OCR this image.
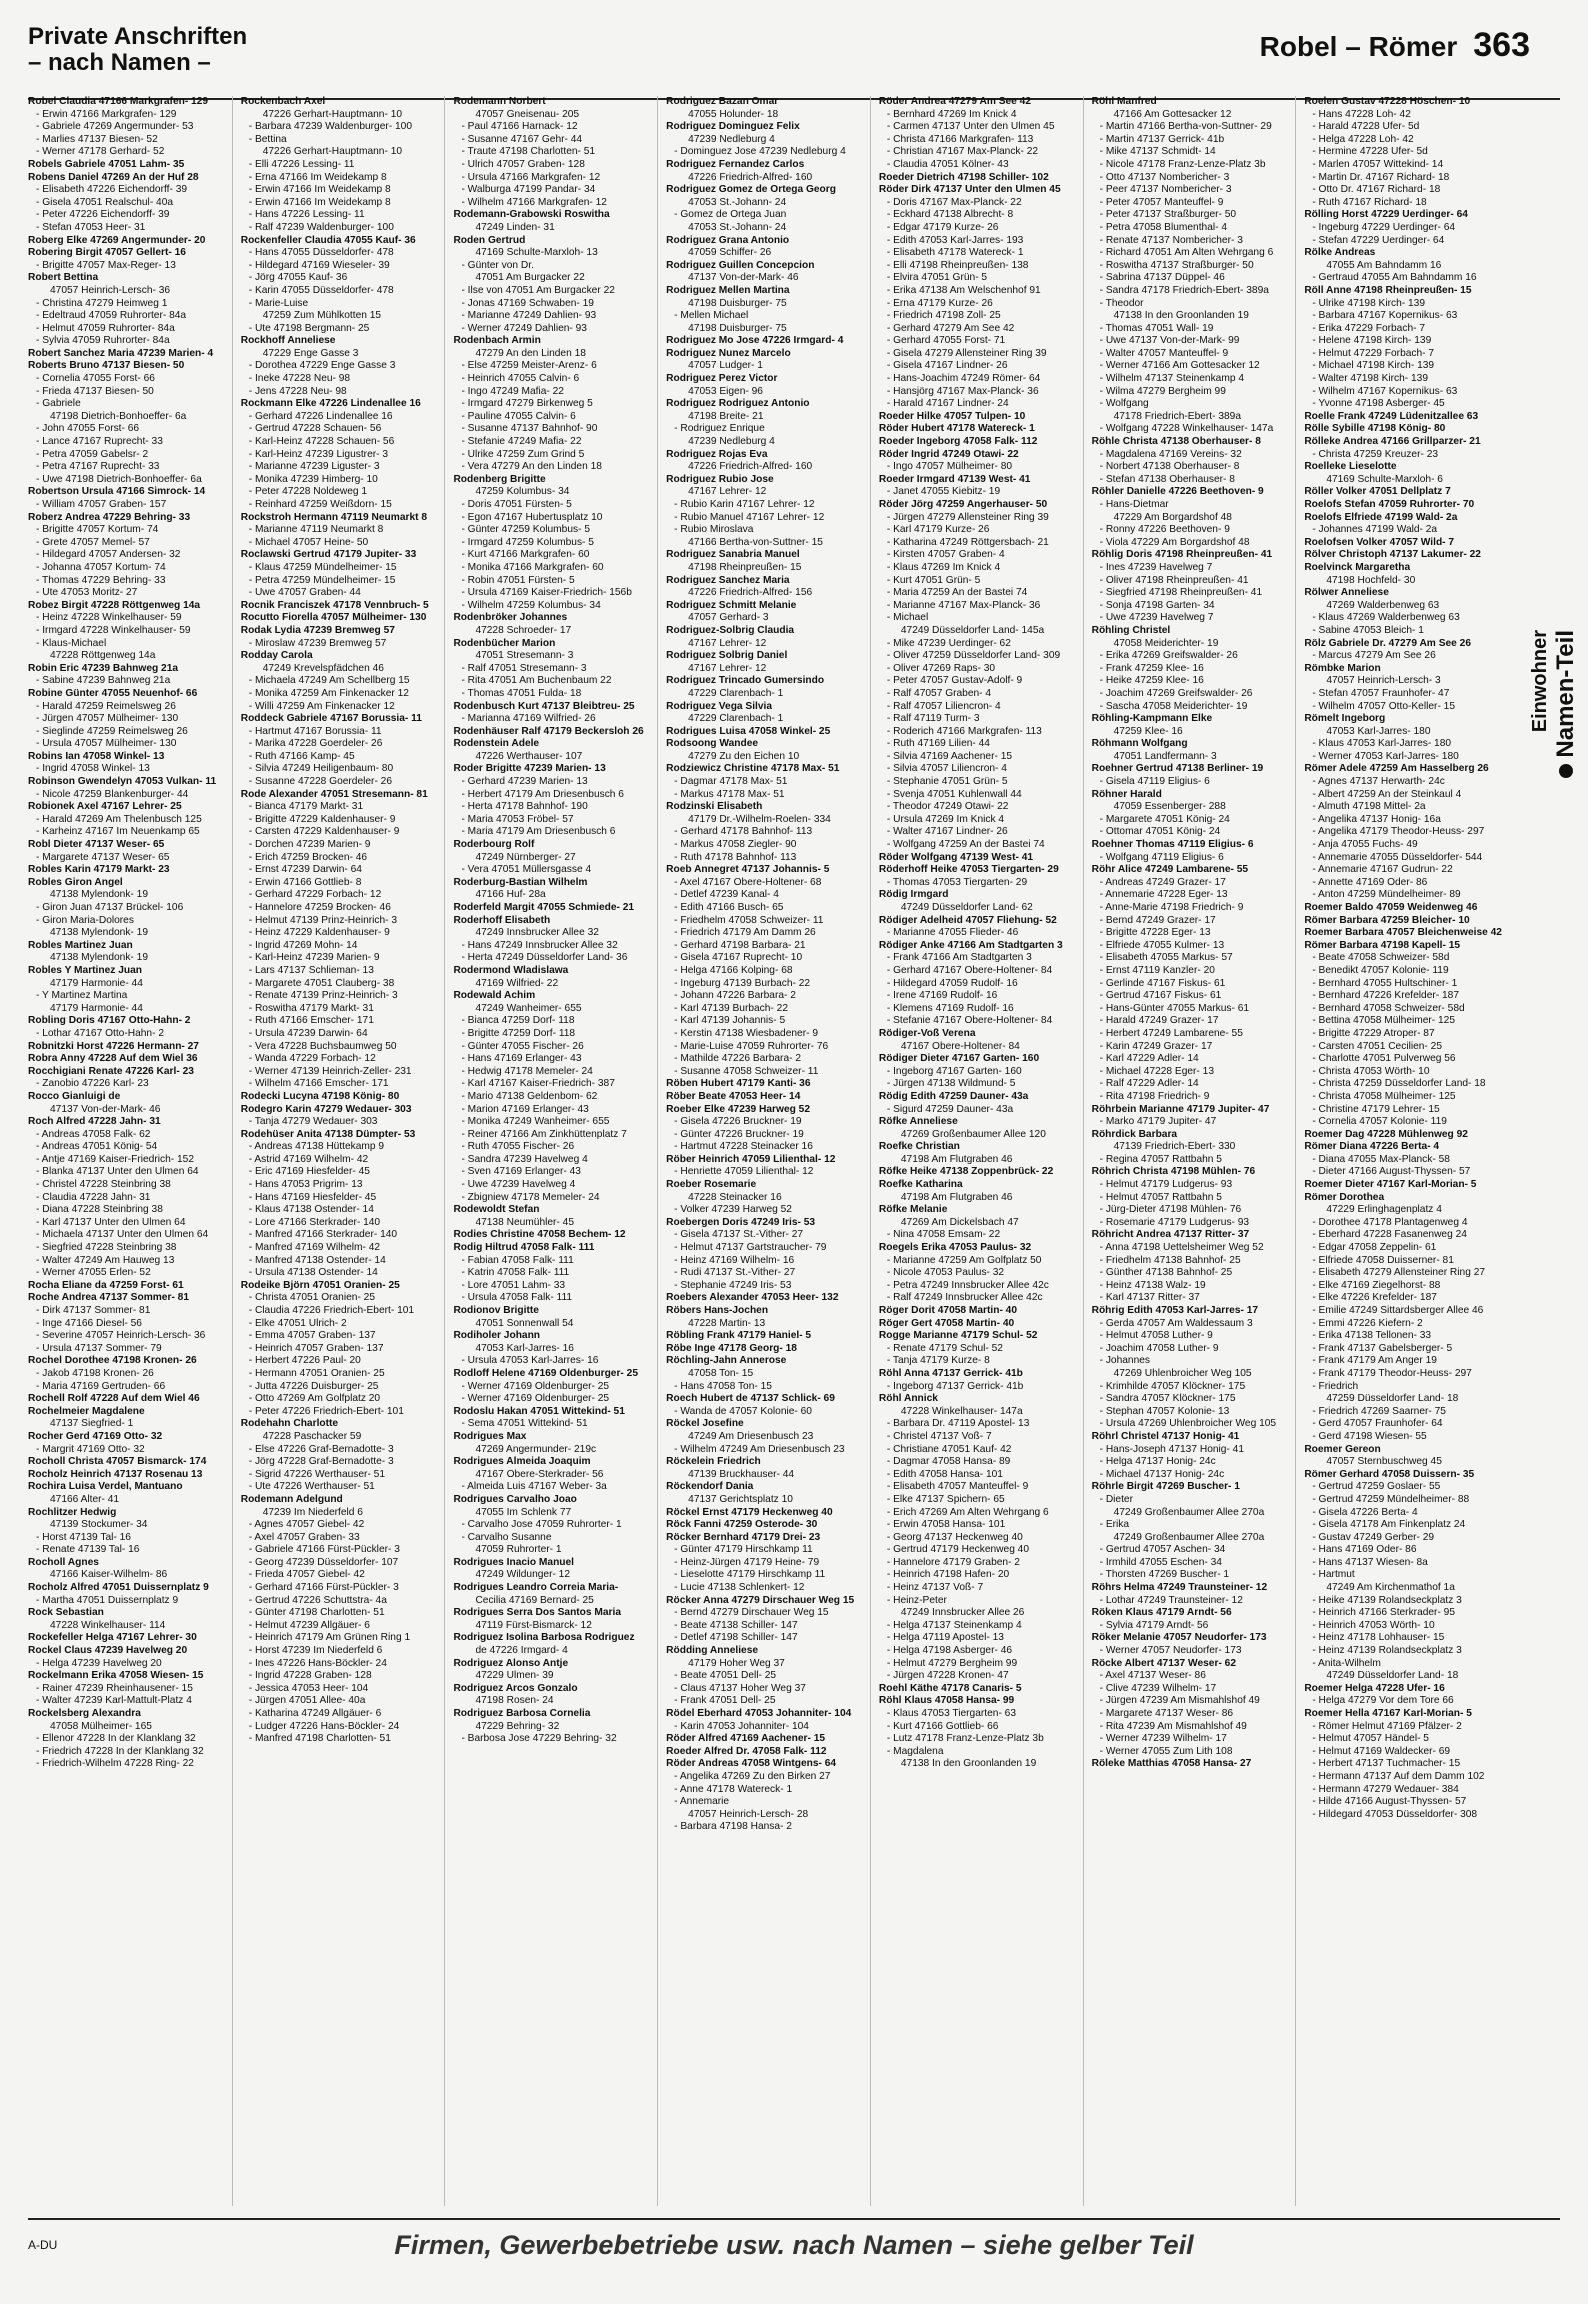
Private Anschriften
– nach Namen –
Robel – Römer 363
Robel Claudia 47166 Markgrafen- 129
- Erwin 47166 Markgrafen- 129
- Gabriele 47269 Angermunder- 53
- Marlies 47137 Biesen- 52
- Werner 47178 Gerhard- 52
Robels Gabriele 47051 Lahm- 35
Robens Daniel 47269 An der Huf 28
- Elisabeth 47226 Eichendorff- 39
- Gisela 47051 Realschul- 40a
- Peter 47226 Eichendorff- 39
- Stefan 47053 Heer- 31
Roberg Elke 47269 Angermunder- 20
Robering Birgit 47057 Gellert- 16
- Brigitte 47057 Max-Reger- 13
Robert Bettina
47057 Heinrich-Lersch- 36
- Christina 47279 Heimweg 1
- Edeltraud 47059 Ruhrorter- 84a
- Helmut 47059 Ruhrorter- 84a
- Sylvia 47059 Ruhrorter- 84a
Robert Sanchez Maria 47239 Marien- 4
Roberts Bruno 47137 Biesen- 50
- Cornelia 47055 Forst- 66
- Frieda 47137 Biesen- 50
- Gabriele
47198 Dietrich-Bonhoeffer- 6a
- John 47055 Forst- 66
- Lance 47167 Ruprecht- 33
- Petra 47059 Gabelsr- 2
- Petra 47167 Ruprecht- 33
- Uwe 47198 Dietrich-Bonhoeffer- 6a
Robertson Ursula 47166 Simrock- 14
- William 47057 Graben- 157
Roberz Andrea 47229 Behring- 33
- Brigitte 47057 Kortum- 74
- Grete 47057 Memel- 57
- Hildegard 47057 Andersen- 32
- Johanna 47057 Kortum- 74
- Thomas 47229 Behring- 33
- Ute 47053 Moritz- 27
Robez Birgit 47228 Röttgenweg 14a
- Heinz 47228 Winkelhauser- 59
- Irmgard 47228 Winkelhauser- 59
- Klaus-Michael
47228 Röttgenweg 14a
Robin Eric 47239 Bahnweg 21a
- Sabine 47239 Bahnweg 21a
Robine Günter 47055 Neuenhof- 66
- Harald 47259 Reimelsweg 26
- Jürgen 47057 Mülheimer- 130
- Sieglinde 47259 Reimelsweg 26
- Ursula 47057 Mülheimer- 130
Robins Ian 47058 Winkel- 13
- Ingrid 47058 Winkel- 13
Robinson Gwendelyn 47053 Vulkan- 11
- Nicole 47259 Blankenburger- 44
Robionek Axel 47167 Lehrer- 25
- Harald 47269 Am Thelenbusch 125
- Karheinz 47167 Im Neuenkamp 65
Robl Dieter 47137 Weser- 65
- Margarete 47137 Weser- 65
Robles Karin 47179 Markt- 23
Robles Giron Angel
47138 Mylendonk- 19
- Giron Juan 47137 Brückel- 106
- Giron Maria-Dolores
47138 Mylendonk- 19
Robles Martinez Juan
47138 Mylendonk- 19
Robles Y Martinez Juan
47179 Harmonie- 44
- Y Martinez Martina
47179 Harmonie- 44
Robling Doris 47167 Otto-Hahn- 2
- Lothar 47167 Otto-Hahn- 2
Robnitzki Horst 47226 Hermann- 27
Robra Anny 47228 Auf dem Wiel 36
Rocchigiani Renate 47226 Karl- 23
- Zanobio 47226 Karl- 23
Rocco Gianluigi de
47137 Von-der-Mark- 46
Roch Alfred 47228 Jahn- 31
- Andreas 47058 Falk- 62
- Andreas 47051 König- 54
- Antje 47169 Kaiser-Friedrich- 152
- Blanka 47137 Unter den Ulmen 64
- Christel 47228 Steinbring 38
- Claudia 47228 Jahn- 31
- Diana 47228 Steinbring 38
- Karl 47137 Unter den Ulmen 64
- Michaela 47137 Unter den Ulmen 64
- Siegfried 47228 Steinbring 38
- Walter 47249 Am Hauweg 13
- Werner 47055 Erlen- 52
Rocha Eliane da 47259 Forst- 61
Roche Andrea 47137 Sommer- 81
- Dirk 47137 Sommer- 81
- Inge 47166 Diesel- 56
- Severine 47057 Heinrich-Lersch- 36
- Ursula 47137 Sommer- 79
Rochel Dorothee 47198 Kronen- 26
- Jakob 47198 Kronen- 26
- Maria 47169 Gertruden- 66
Rochell Rolf 47228 Auf dem Wiel 46
Rochelmeier Magdalene
47137 Siegfried- 1
Rocher Gerd 47169 Otto- 32
- Margrit 47169 Otto- 32
Rocholl Christa 47057 Bismarck- 174
Rocholz Heinrich 47137 Rosenau 13
Rochira Luisa Verdel, Mantuano
47166 Alter- 41
Rochlitzer Hedwig
47139 Stockumer- 34
- Horst 47139 Tal- 16
- Renate 47139 Tal- 16
Rocholl Agnes
47166 Kaiser-Wilhelm- 86
Rocholz Alfred 47051 Duissernplatz 9
- Martha 47051 Duissernplatz 9
Rock Sebastian
47228 Winkelhauser- 114
Rockefeller Helga 47167 Lehrer- 30
Rockel Claus 47239 Havelweg 20
- Helga 47239 Havelweg 20
Rockelmann Erika 47058 Wiesen- 15
- Rainer 47239 Rheinhausener- 15
- Walter 47239 Karl-Mattult-Platz 4
Rockelsberg Alexandra
47058 Mülheimer- 165
- Ellenor 47228 In der Klanklang 32
- Friedrich 47228 In der Klanklang 32
- Friedrich-Wilhelm 47228 Ring- 22
Rockenbach Axel
47226 Gerhart-Hauptmann- 10
- Barbara 47239 Waldenburger- 100
- Bettina
47226 Gerhart-Hauptmann- 10
- Elli 47226 Lessing- 11
- Erna 47166 Im Weidekamp 8
- Erwin 47166 Im Weidekamp 8
- Erwin 47166 Im Weidekamp 8
- Hans 47226 Lessing- 11
- Ralf 47239 Waldenburger- 100
Rockenfeller Claudia 47055 Kauf- 36
- Hans 47055 Düsseldorfer- 478
- Hildegard 47169 Wieseler- 39
- Jörg 47055 Kauf- 36
- Karin 47055 Düsseldorfer- 478
- Marie-Luise
47259 Zum Mühlkotten 15
- Ute 47198 Bergmann- 25
Rockhoff Anneliese
47229 Enge Gasse 3
- Dorothea 47229 Enge Gasse 3
- Ineke 47228 Neu- 98
- Jens 47228 Neu- 98
Rockmann Elke 47226 Lindenallee 16
- Gerhard 47226 Lindenallee 16
- Gertrud 47228 Schauen- 56
- Karl-Heinz 47228 Schauen- 56
- Karl-Heinz 47239 Ligustrer- 3
- Marianne 47239 Liguster- 3
- Monika 47239 Himberg- 10
- Peter 47228 Noldeweg 1
- Reinhard 47259 Weißdorn- 15
Rockstroh Hermann 47119 Neumarkt 8
- Marianne 47119 Neumarkt 8
- Michael 47057 Heine- 50
Roclawski Gertrud 47179 Jupiter- 33
- Klaus 47259 Mündelheimer- 15
- Petra 47259 Mündelheimer- 15
- Uwe 47057 Graben- 44
Rocnik Franciszek 47178 Vennbruch- 5
Rocutto Fiorella 47057 Mülheimer- 130
Rodak Lydia 47239 Bremweg 57
- Miroslaw 47239 Bremweg 57
Rodday Carola
47249 Krevelspfädchen 46
- Michaela 47249 Am Schellberg 15
- Monika 47259 Am Finkenacker 12
- Willi 47259 Am Finkenacker 12
Roddeck Gabriele 47167 Borussia- 11
- Hartmut 47167 Borussia- 11
- Marika 47228 Goerdeler- 26
- Ruth 47166 Kamp- 45
- Silvia 47249 Heiligenbaum- 80
- Susanne 47228 Goerdeler- 26
Rode Alexander 47051 Stresemann- 81
- Bianca 47179 Markt- 31
- Brigitte 47229 Kaldenhauser- 9
- Carsten 47229 Kaldenhauser- 9
- Dorchen 47239 Marien- 9
- Erich 47259 Brocken- 46
- Ernst 47239 Darwin- 64
- Erwin 47166 Gottlieb- 8
- Gerhard 47229 Forbach- 12
- Hannelore 47259 Brocken- 46
- Helmut 47139 Prinz-Heinrich- 3
- Heinz 47229 Kaldenhauser- 9
- Ingrid 47269 Mohn- 14
- Karl-Heinz 47239 Marien- 9
- Lars 47137 Schlieman- 13
- Margarete 47051 Clauberg- 38
- Renate 47139 Prinz-Heinrich- 3
- Roswitha 47179 Markt- 31
- Ruth 47166 Emscher- 171
- Ursula 47239 Darwin- 64
- Vera 47228 Buchsbaumweg 50
- Wanda 47229 Forbach- 12
- Werner 47139 Heinrich-Zeller- 231
- Wilhelm 47166 Emscher- 171
Rodecki Lucyna 47198 König- 80
Rodegro Karin 47279 Wedauer- 303
- Tanja 47279 Wedauer- 303
Rodehüser Anita 47138 Dümpter- 53
- Andreas 47138 Hüttekamp 9
- Astrid 47169 Wilhelm- 42
- Eric 47169 Hiesfelder- 45
- Hans 47053 Prigrim- 13
- Hans 47169 Hiesfelder- 45
- Klaus 47138 Ostender- 14
- Lore 47166 Sterkrader- 140
- Manfred 47166 Sterkrader- 140
- Manfred 47169 Wilhelm- 42
- Manfred 47138 Ostender- 14
- Ursula 47138 Ostender- 14
Rodeike Björn 47051 Oranien- 25
- Christa 47051 Oranien- 25
- Claudia 47226 Friedrich-Ebert- 101
- Elke 47051 Ulrich- 2
- Emma 47057 Graben- 137
- Heinrich 47057 Graben- 137
- Herbert 47226 Paul- 20
- Hermann 47051 Oranien- 25
- Jutta 47226 Duisburger- 25
- Otto 47269 Am Golfplatz 20
- Peter 47226 Friedrich-Ebert- 101
Rodehahn Charlotte
47228 Paschacker 59
- Else 47226 Graf-Bernadotte- 3
- Jörg 47228 Graf-Bernadotte- 3
- Sigrid 47226 Werthauser- 51
- Ute 47226 Werthauser- 51
Rodemann Adelgund
47239 Im Niederfeld 6
- Agnes 47057 Giebel- 42
- Axel 47057 Graben- 33
- Gabriele 47166 Fürst-Pückler- 3
- Georg 47239 Düsseldorfer- 107
- Frieda 47057 Giebel- 42
- Gerhard 47166 Fürst-Pückler- 3
- Gertrud 47226 Schuttstra- 4a
- Günter 47198 Charlotten- 51
- Helmut 47239 Allgäuer- 6
- Heinrich 47179 Am Grünen Ring 1
- Horst 47239 Im Niederfeld 6
- Ines 47226 Hans-Böckler- 24
- Ingrid 47228 Graben- 128
- Jessica 47053 Heer- 104
- Jürgen 47051 Allee- 40a
- Katharina 47249 Allgäuer- 6
- Ludger 47226 Hans-Böckler- 24
- Manfred 47198 Charlotten- 51
Rodemann Norbert
47057 Gneisenau- 205
- Paul 47166 Harnack- 12
- Susanne 47167 Gehr- 44
- Traute 47198 Charlotten- 51
- Ulrich 47057 Graben- 128
- Ursula 47166 Markgrafen- 12
- Walburga 47199 Pandar- 34
- Wilhelm 47166 Markgrafen- 12
Rodemann-Grabowski Roswitha
47249 Linden- 31
Roden Gertrud
47169 Schulte-Marxloh- 13
- Günter von Dr.
47051 Am Burgacker 22
- Ilse von 47051 Am Burgacker 22
- Jonas 47169 Schwaben- 19
- Marianne 47249 Dahlien- 93
- Werner 47249 Dahlien- 93
Rodenbach Armin
47279 An den Linden 18
- Else 47259 Meister-Arenz- 6
- Heinrich 47055 Calvin- 6
- Ingo 47249 Mafia- 22
- Irmgard 47279 Birkenweg 5
- Pauline 47055 Calvin- 6
- Susanne 47137 Bahnhof- 90
- Stefanie 47249 Mafia- 22
- Ulrike 47259 Zum Grind 5
- Vera 47279 An den Linden 18
Rodenberg Brigitte
47259 Kolumbus- 34
- Doris 47051 Fürsten- 5
- Egon 47167 Hubertusplatz 10
- Günter 47259 Kolumbus- 5
- Irmgard 47259 Kolumbus- 5
- Kurt 47166 Markgrafen- 60
- Monika 47166 Markgrafen- 60
- Robin 47051 Fürsten- 5
- Ursula 47169 Kaiser-Friedrich- 156b
- Wilhelm 47259 Kolumbus- 34
Rodenbröker Johannes
47228 Schroeder- 17
Rodenbücher Marion
47051 Stresemann- 3
- Ralf 47051 Stresemann- 3
- Rita 47051 Am Buchenbaum 22
- Thomas 47051 Fulda- 18
Rodenbusch Kurt 47137 Bleibtreu- 25
- Marianna 47169 Wilfried- 26
Rodenhäuser Ralf 47179 Beckersloh 26
Rodenstein Adele
47226 Werthauser- 107
Roder Brigitte 47239 Marien- 13
- Gerhard 47239 Marien- 13
- Herbert 47179 Am Driesenbusch 6
- Herta 47178 Bahnhof- 190
- Maria 47053 Fröbel- 57
- Maria 47179 Am Driesenbusch 6
Roderbourg Rolf
47249 Nürnberger- 27
- Vera 47051 Müllersgasse 4
Roderburg-Bastian Wilhelm
47166 Huf- 28a
Roderfeld Margit 47055 Schmiede- 21
Roderhoff Elisabeth
47249 Innsbrucker Allee 32
- Hans 47249 Innsbrucker Allee 32
- Herta 47249 Düsseldorfer Land- 36
Rodermond Wladislawa
47169 Wilfried- 22
Rodewald Achim
47249 Wanheimer- 655
- Bianca 47259 Dorf- 118
- Brigitte 47259 Dorf- 118
- Günter 47055 Fischer- 26
- Hans 47169 Erlanger- 43
- Hedwig 47178 Memeler- 24
- Karl 47167 Kaiser-Friedrich- 387
- Mario 47138 Geldenbom- 62
- Marion 47169 Erlanger- 43
- Monika 47249 Wanheimer- 655
- Reiner 47166 Am Zinkhüttenplatz 7
- Ruth 47055 Fischer- 26
- Sandra 47239 Havelweg 4
- Sven 47169 Erlanger- 43
- Uwe 47239 Havelweg 4
- Zbigniew 47178 Memeler- 24
Rodewoldt Stefan
47138 Neumühler- 45
Rodies Christine 47058 Bechem- 12
Rodig Hiltrud 47058 Falk- 111
- Fabian 47058 Falk- 111
- Katrin 47058 Falk- 111
- Lore 47051 Lahm- 33
- Ursula 47058 Falk- 111
Rodionov Brigitte
47051 Sonnenwall 54
Rodiholer Johann
47053 Karl-Jarres- 16
- Ursula 47053 Karl-Jarres- 16
Rodloff Helene 47169 Oldenburger- 25
- Werner 47169 Oldenburger- 25
- Werner 47169 Oldenburger- 25
Rodoslu Hakan 47051 Wittekind- 51
- Sema 47051 Wittekind- 51
Rodrigues Max
47269 Angermunder- 219c
Rodrigues Almeida Joaquim
47167 Obere-Sterkrader- 56
- Almeida Luis 47167 Weber- 3a
Rodrigues Carvalho Joao
47055 Im Schlenk 77
- Carvalho Jose 47059 Ruhrorter- 1
- Carvalho Susanne
47059 Ruhrorter- 1
Rodrigues Inacio Manuel
47249 Wildunger- 12
Rodrigues Leandro Correia Maria-
Cecilia 47169 Bernard- 25
Rodrigues Serra Dos Santos Maria
47119 Fürst-Bismarck- 12
Rodriguez Isolina Barbosa Rodriguez
de 47226 Irmgard- 4
Rodriguez Alonso Antje
47229 Ulmen- 39
Rodriguez Arcos Gonzalo
47198 Rosen- 24
Rodriguez Barbosa Cornelia
47229 Behring- 32
- Barbosa Jose 47229 Behring- 32
Rodriguez Bazan Omar
47055 Holunder- 18
Rodriguez Dominguez Felix
47239 Nedleburg 4
- Dominguez Jose 47239 Nedleburg 4
Rodriguez Fernandez Carlos
47226 Friedrich-Alfred- 160
Rodriguez Gomez de Ortega Georg
47053 St.-Johann- 24
- Gomez de Ortega Juan
47053 St.-Johann- 24
Rodriguez Grana Antonio
47059 Schiffer- 26
Rodriguez Guillen Concepcion
47137 Von-der-Mark- 46
Rodriguez Mellen Martina
47198 Duisburger- 75
- Mellen Michael
47198 Duisburger- 75
Rodriguez Mo Jose 47226 Irmgard- 4
Rodriguez Nunez Marcelo
47057 Ludger- 1
Rodriguez Perez Victor
47053 Eigen- 96
Rodriguez Rodriguez Antonio
47198 Breite- 21
- Rodriguez Enrique
47239 Nedleburg 4
Rodriguez Rojas Eva
47226 Friedrich-Alfred- 160
Rodriguez Rubio Jose
47167 Lehrer- 12
- Rubio Karin 47167 Lehrer- 12
- Rubio Manuel 47167 Lehrer- 12
- Rubio Miroslava
47166 Bertha-von-Suttner- 15
Rodriguez Sanabria Manuel
47198 Rheinpreußen- 15
Rodriguez Sanchez Maria
47226 Friedrich-Alfred- 156
Rodriguez Schmitt Melanie
47057 Gerhard- 3
Rodriguez-Solbrig Claudia
47167 Lehrer- 12
Rodriguez Solbrig Daniel
47167 Lehrer- 12
Rodriguez Trincado Gumersindo
47229 Clarenbach- 1
Rodriguez Vega Silvia
47229 Clarenbach- 1
Rodrigues Luisa 47058 Winkel- 25
Rodsoong Wandee
47279 Zu den Eichen 10
Rodziewicz Christine 47178 Max- 51
- Dagmar 47178 Max- 51
- Markus 47178 Max- 51
Rodzinski Elisabeth
47179 Dr.-Wilhelm-Roelen- 334
- Gerhard 47178 Bahnhof- 113
- Markus 47058 Ziegler- 90
- Ruth 47178 Bahnhof- 113
Roeb Annegret 47137 Johannis- 5
- Axel 47167 Obere-Holtener- 68
- Detlef 47239 Kanal- 4
- Edith 47166 Busch- 65
- Friedhelm 47058 Schweizer- 11
- Friedrich 47179 Am Damm 26
- Gerhard 47198 Barbara- 21
- Gisela 47167 Ruprecht- 10
- Helga 47166 Kolping- 68
- Ingeburg 47139 Burbach- 22
- Johann 47226 Barbara- 2
- Karl 47139 Burbach- 22
- Karl 47139 Johannis- 5
- Kerstin 47138 Wiesbadener- 9
- Marie-Luise 47059 Ruhrorter- 76
- Mathilde 47226 Barbara- 2
- Susanne 47058 Schweizer- 11
Röben Hubert 47179 Kanti- 36
Röber Beate 47053 Heer- 14
Roeber Elke 47239 Harweg 52
- Gisela 47226 Bruckner- 19
- Günter 47226 Bruckner- 19
- Hartmut 47228 Steinacker 16
Röber Heinrich 47059 Lilienthal- 12
- Henriette 47059 Lilienthal- 12
Roeber Rosemarie
47228 Steinacker 16
- Volker 47239 Harweg 52
Roebergen Doris 47249 Iris- 53
- Gisela 47137 St.-Vither- 27
- Helmut 47137 Gartstraucher- 79
- Heinz 47169 Wilhelm- 16
- Rudi 47137 St.-Vither- 27
- Stephanie 47249 Iris- 53
Roebers Alexander 47053 Heer- 132
Röbers Hans-Jochen
47228 Martin- 13
Röbling Frank 47179 Haniel- 5
Röbe Inge 47178 Georg- 18
Röchling-Jahn Annerose
47058 Ton- 15
- Hans 47058 Ton- 15
Roech Hubert de 47137 Schlick- 69
- Wanda de 47057 Kolonie- 60
Röckel Josefine
47249 Am Driesenbusch 23
- Wilhelm 47249 Am Driesenbusch 23
Röckelein Friedrich
47139 Bruckhauser- 44
Röckendorf Dania
47137 Gerichtsplatz 10
Röckel Ernst 47179 Heckenweg 40
Röck Fanni 47259 Osterode- 30
Röcker Bernhard 47179 Drei- 23
- Günter 47179 Hirschkamp 11
- Heinz-Jürgen 47179 Heine- 79
- Lieselotte 47179 Hirschkamp 11
- Lucie 47138 Schlenkert- 12
Röcker Anna 47279 Dirschauer Weg 15
- Bernd 47279 Dirschauer Weg 15
- Beate 47138 Schiller- 147
- Detlef 47198 Schiller- 147
Rödding Anneliese
47179 Hoher Weg 37
- Beate 47051 Dell- 25
- Claus 47137 Hoher Weg 37
- Frank 47051 Dell- 25
Rödel Eberhard 47053 Johanniter- 104
- Karin 47053 Johanniter- 104
Röder Alfred 47169 Aachener- 15
Roeder Alfred Dr. 47058 Falk- 112
Röder Andreas 47058 Wintgens- 64
- Angelika 47269 Zu den Birken 27
- Anne 47178 Watereck- 1
- Annemarie
47057 Heinrich-Lersch- 28
- Barbara 47198 Hansa- 2
Röder Andrea 47279 Am See 42
- Bernhard 47269 Im Knick 4
- Carmen 47137 Unter den Ulmen 45
- Christa 47166 Markgrafen- 113
- Christian 47167 Max-Planck- 22
- Claudia 47051 Kölner- 43
Roeder Dietrich 47198 Schiller- 102
Röder Dirk 47137 Unter den Ulmen 45
- Doris 47167 Max-Planck- 22
- Eckhard 47138 Albrecht- 8
- Edgar 47179 Kurze- 26
- Edith 47053 Karl-Jarres- 193
- Elisabeth 47178 Watereck- 1
- Elli 47198 Rheinpreußen- 138
- Elvira 47051 Grün- 5
- Erika 47138 Am Welschenhof 91
- Erna 47179 Kurze- 26
- Friedrich 47198 Zoll- 25
- Gerhard 47279 Am See 42
- Gerhard 47055 Forst- 71
- Gisela 47279 Allensteiner Ring 39
- Gisela 47167 Lindner- 26
- Hans-Joachim 47249 Römer- 64
- Hansjörg 47167 Max-Planck- 36
- Harald 47167 Lindner- 24
Roeder Hilke 47057 Tulpen- 10
Röder Hubert 47178 Watereck- 1
Roeder Ingeborg 47058 Falk- 112
Röder Ingrid 47249 Otawi- 22
- Ingo 47057 Mülheimer- 80
Roeder Irmgard 47139 West- 41
- Janet 47055 Kiebitz- 19
Röder Jörg 47259 Angerhauser- 50
- Jürgen 47279 Allensteiner Ring 39
- Karl 47179 Kurze- 26
- Katharina 47249 Röttgersbach- 21
- Kirsten 47057 Graben- 4
- Klaus 47269 Im Knick 4
- Kurt 47051 Grün- 5
- Maria 47259 An der Bastei 74
- Marianne 47167 Max-Planck- 36
- Michael
47249 Düsseldorfer Land- 145a
- Mike 47239 Uerdinger- 62
- Oliver 47259 Düsseldorfer Land- 309
- Oliver 47269 Raps- 30
- Peter 47057 Gustav-Adolf- 9
- Ralf 47057 Graben- 4
- Ralf 47057 Liliencron- 4
- Ralf 47119 Turm- 3
- Roderich 47166 Markgrafen- 113
- Ruth 47169 Lilien- 44
- Silvia 47169 Aachener- 15
- Silvia 47057 Liliencron- 4
- Stephanie 47051 Grün- 5
- Svenja 47051 Kuhlenwall 44
- Theodor 47249 Otawi- 22
- Ursula 47269 Im Knick 4
- Walter 47167 Lindner- 26
- Wolfgang 47259 An der Bastei 74
Röder Wolfgang 47139 West- 41
Röderhoff Heike 47053 Tiergarten- 29
- Thomas 47053 Tiergarten- 29
Rödig Irmgard
47249 Düsseldorfer Land- 62
Rödiger Adelheid 47057 Fliehung- 52
- Marianne 47055 Flieder- 46
Rödiger Anke 47166 Am Stadtgarten 3
- Frank 47166 Am Stadtgarten 3
- Gerhard 47167 Obere-Holtener- 84
- Hildegard 47059 Rudolf- 16
- Irene 47169 Rudolf- 16
- Klemens 47169 Rudolf- 16
- Stefanie 47167 Obere-Holtener- 84
Rödiger-Voß Verena
47167 Obere-Holtener- 84
Rödiger Dieter 47167 Garten- 160
- Ingeborg 47167 Garten- 160
- Jürgen 47138 Wildmund- 5
Rödig Edith 47259 Dauner- 43a
- Sigurd 47259 Dauner- 43a
Röfke Anneliese
47269 Großenbaumer Allee 120
Roefke Christian
47198 Am Flutgraben 46
Röfke Heike 47138 Zoppenbrück- 22
Roefke Katharina
47198 Am Flutgraben 46
Röfke Melanie
47269 Am Dickelsbach 47
- Nina 47058 Emsam- 22
Roegels Erika 47053 Paulus- 32
- Marianne 47259 Am Golfplatz 50
- Nicole 47053 Paulus- 32
- Petra 47249 Innsbrucker Allee 42c
- Ralf 47249 Innsbrucker Allee 42c
Röger Dorit 47058 Martin- 40
Röger Gert 47058 Martin- 40
Rogge Marianne 47179 Schul- 52
- Renate 47179 Schul- 52
- Tanja 47179 Kurze- 8
Röhl Anna 47137 Gerrick- 41b
- Ingeborg 47137 Gerrick- 41b
Röhl Annick
47228 Winkelhauser- 147a
- Barbara Dr. 47119 Apostel- 13
- Christel 47137 Voß- 7
- Christiane 47051 Kauf- 42
- Dagmar 47058 Hansa- 89
- Edith 47058 Hansa- 101
- Elisabeth 47057 Manteuffel- 9
- Elke 47137 Spichern- 65
- Erich 47269 Am Alten Wehrgang 6
- Erwin 47058 Hansa- 101
- Georg 47137 Heckenweg 40
- Gertrud 47179 Heckenweg 40
- Hannelore 47179 Graben- 2
- Heinrich 47198 Hafen- 20
- Heinz 47137 Voß- 7
- Heinz-Peter
47249 Innsbrucker Allee 26
- Helga 47137 Steinenkamp 4
- Helga 47119 Apostel- 13
- Helga 47198 Asberger- 46
- Helmut 47279 Bergheim 99
- Jürgen 47228 Kronen- 47
Roehl Käthe 47178 Canaris- 5
Röhl Klaus 47058 Hansa- 99
- Klaus 47053 Tiergarten- 63
- Kurt 47166 Gottlieb- 66
- Lutz 47178 Franz-Lenze-Platz 3b
- Magdalena
47138 In den Groonlanden 19
Röhl Manfred
47166 Am Gottesacker 12
- Martin 47166 Bertha-von-Suttner- 29
- Martin 47137 Gerrick- 41b
- Mike 47137 Schmidt- 14
- Nicole 47178 Franz-Lenze-Platz 3b
- Otto 47137 Nombericher- 3
- Peer 47137 Nombericher- 3
- Peter 47057 Manteuffel- 9
- Peter 47137 Straßburger- 50
- Petra 47058 Blumenthal- 4
- Renate 47137 Nombericher- 3
- Richard 47051 Am Alten Wehrgang 6
- Roswitha 47137 Straßburger- 50
- Sabrina 47137 Düppel- 46
- Sandra 47178 Friedrich-Ebert- 389a
- Theodor
47138 In den Groonlanden 19
- Thomas 47051 Wall- 19
- Uwe 47137 Von-der-Mark- 99
- Walter 47057 Manteuffel- 9
- Werner 47166 Am Gottesacker 12
- Wilhelm 47137 Steinenkamp 4
- Wilma 47279 Bergheim 99
- Wolfgang
47178 Friedrich-Ebert- 389a
- Wolfgang 47228 Winkelhauser- 147a
Röhle Christa 47138 Oberhauser- 8
- Magdalena 47169 Vereins- 32
- Norbert 47138 Oberhauser- 8
- Stefan 47138 Oberhauser- 8
Röhler Danielle 47226 Beethoven- 9
- Hans-Dietmar
47229 Am Borgardshof 48
- Ronny 47226 Beethoven- 9
- Viola 47229 Am Borgardshof 48
Röhlig Doris 47198 Rheinpreußen- 41
- Ines 47239 Havelweg 7
- Oliver 47198 Rheinpreußen- 41
- Siegfried 47198 Rheinpreußen- 41
- Sonja 47198 Garten- 34
- Uwe 47239 Havelweg 7
Röhling Christel
47058 Meiderichter- 19
- Erika 47269 Greifswalder- 26
- Frank 47259 Klee- 16
- Heike 47259 Klee- 16
- Joachim 47269 Greifswalder- 26
- Sascha 47058 Meiderichter- 19
Röhling-Kampmann Elke
47259 Klee- 16
Röhmann Wolfgang
47051 Landfermann- 3
Roehner Gertrud 47138 Berliner- 19
- Gisela 47119 Eligius- 6
Röhner Harald
47059 Essenberger- 288
- Margarete 47051 König- 24
- Ottomar 47051 König- 24
Roehner Thomas 47119 Eligius- 6
- Wolfgang 47119 Eligius- 6
Röhr Alice 47249 Lambarene- 55
- Andreas 47249 Grazer- 17
- Annemarie 47228 Eger- 13
- Anne-Marie 47198 Friedrich- 9
- Bernd 47249 Grazer- 17
- Brigitte 47228 Eger- 13
- Elfriede 47055 Kulmer- 13
- Elisabeth 47055 Markus- 57
- Ernst 47119 Kanzler- 20
- Gerlinde 47167 Fiskus- 61
- Gertrud 47167 Fiskus- 61
- Hans-Günter 47055 Markus- 61
- Harald 47249 Grazer- 17
- Herbert 47249 Lambarene- 55
- Karin 47249 Grazer- 17
- Karl 47229 Adler- 14
- Michael 47228 Eger- 13
- Ralf 47229 Adler- 14
- Rita 47198 Friedrich- 9
Röhrbein Marianne 47179 Jupiter- 47
- Marko 47179 Jupiter- 47
Röhrdick Barbara
47139 Friedrich-Ebert- 330
- Regina 47057 Rattbahn 5
Röhrich Christa 47198 Mühlen- 76
- Helmut 47179 Ludgerus- 93
- Helmut 47057 Rattbahn 5
- Jürg-Dieter 47198 Mühlen- 76
- Rosemarie 47179 Ludgerus- 93
Röhricht Andrea 47137 Ritter- 37
- Anna 47198 Uettelsheimer Weg 52
- Friedhelm 47138 Bahnhof- 25
- Günther 47138 Bahnhof- 25
- Heinz 47138 Walz- 19
- Karl 47137 Ritter- 37
Röhrig Edith 47053 Karl-Jarres- 17
- Gerda 47057 Am Waldessaum 3
- Helmut 47058 Luther- 9
- Joachim 47058 Luther- 9
- Johannes
47269 Uhlenbroicher Weg 105
- Krimhilde 47057 Klöckner- 175
- Sandra 47057 Klöckner- 175
- Stephan 47057 Kolonie- 13
- Ursula 47269 Uhlenbroicher Weg 105
Röhrl Christel 47137 Honig- 41
- Hans-Joseph 47137 Honig- 41
- Helga 47137 Honig- 24c
- Michael 47137 Honig- 24c
Röhrle Birgit 47269 Buscher- 1
- Dieter
47249 Großenbaumer Allee 270a
- Erika
47249 Großenbaumer Allee 270a
- Gertrud 47057 Aschen- 34
- Irmhild 47055 Eschen- 34
- Thorsten 47269 Buscher- 1
Röhrs Helma 47249 Traunsteiner- 12
- Lothar 47249 Traunsteiner- 12
Röken Klaus 47179 Arndt- 56
- Sylvia 47179 Arndt- 56
Röker Melanie 47057 Neudorfer- 173
- Werner 47057 Neudorfer- 173
Röcke Albert 47137 Weser- 62
- Axel 47137 Weser- 86
- Clive 47239 Wilhelm- 17
- Jürgen 47239 Am Mismahlshof 49
- Margarete 47137 Weser- 86
- Rita 47239 Am Mismahlshof 49
- Werner 47239 Wilhelm- 17
- Werner 47055 Zum Lith 108
Röleke Matthias 47058 Hansa- 27
Roelen Gustav 47228 Höschen- 10
- Hans 47228 Loh- 42
- Harald 47228 Ufer- 5d
- Helga 47228 Loh- 42
- Hermine 47228 Ufer- 5d
- Marlen 47057 Wittekind- 14
- Martin Dr. 47167 Richard- 18
- Otto Dr. 47167 Richard- 18
- Ruth 47167 Richard- 18
Rölling Horst 47229 Uerdinger- 64
- Ingeburg 47229 Uerdinger- 64
- Stefan 47229 Uerdinger- 64
Rölke Andreas
47055 Am Bahndamm 16
- Gertraud 47055 Am Bahndamm 16
Röll Anne 47198 Rheinpreußen- 15
- Ulrike 47198 Kirch- 139
- Barbara 47167 Kopernikus- 63
- Erika 47229 Forbach- 7
- Helene 47198 Kirch- 139
- Helmut 47229 Forbach- 7
- Michael 47198 Kirch- 139
- Walter 47198 Kirch- 139
- Wilhelm 47167 Kopernikus- 63
- Yvonne 47198 Asberger- 45
Roelle Frank 47249 Lüdenitzallee 63
Rölle Sybille 47198 König- 80
Rölleke Andrea 47166 Grillparzer- 21
- Christa 47259 Kreuzer- 23
Roelleke Lieselotte
47169 Schulte-Marxloh- 6
Röller Volker 47051 Dellplatz 7
Roelofs Stefan 47059 Ruhrorter- 70
Roelofs Elfriede 47199 Wald- 2a
- Johannes 47199 Wald- 2a
Roelofsen Volker 47057 Wild- 7
Rölver Christoph 47137 Lakumer- 22
Roelvinck Margaretha
47198 Hochfeld- 30
Rölwer Anneliese
47269 Walderbenweg 63
- Klaus 47269 Walderbenweg 63
- Sabine 47053 Bleich- 1
Rölz Gabriele Dr. 47279 Am See 26
- Marcus 47279 Am See 26
Römbke Marion
47057 Heinrich-Lersch- 3
- Stefan 47057 Fraunhofer- 47
- Wilhelm 47057 Otto-Keller- 15
Römelt Ingeborg
47053 Karl-Jarres- 180
- Klaus 47053 Karl-Jarres- 180
- Werner 47053 Karl-Jarres- 180
Römer Adele 47259 Am Hasselberg 26
- Agnes 47137 Herwarth- 24c
- Albert 47259 An der Steinkaul 4
- Almuth 47198 Mittel- 2a
- Angelika 47137 Honig- 16a
- Angelika 47179 Theodor-Heuss- 297
- Anja 47055 Fuchs- 49
- Annemarie 47055 Düsseldorfer- 544
- Annemarie 47167 Gudrun- 22
- Annette 47169 Oder- 86
- Anton 47259 Mündelheimer- 89
Roemer Baldo 47059 Weidenweg 46
Römer Barbara 47259 Bleicher- 10
Roemer Barbara 47057 Bleichenweise 42
Römer Barbara 47198 Kapell- 15
- Beate 47058 Schweizer- 58d
- Benedikt 47057 Kolonie- 119
- Bernhard 47055 Hultschiner- 1
- Bernhard 47226 Krefelder- 187
- Bernhard 47058 Schweizer- 58d
- Bettina 47058 Mülheimer- 125
- Brigitte 47229 Atroper- 87
- Carsten 47051 Cecilien- 25
- Charlotte 47051 Pulverweg 56
- Christa 47053 Wörth- 10
- Christa 47259 Düsseldorfer Land- 18
- Christa 47058 Mülheimer- 125
- Christine 47179 Lehrer- 15
- Cornelia 47057 Kolonie- 119
Roemer Dag 47228 Mühlenweg 92
Römer Diana 47226 Berta- 4
- Diana 47055 Max-Planck- 58
- Dieter 47166 August-Thyssen- 57
Roemer Dieter 47167 Karl-Morian- 5
Römer Dorothea
47229 Erlinghagenplatz 4
- Dorothee 47178 Plantagenweg 4
- Eberhard 47228 Fasanenweg 24
- Edgar 47058 Zeppelin- 61
- Elfriede 47058 Duisserner- 81
- Elisabeth 47279 Allensteiner Ring 27
- Elke 47169 Ziegelhorst- 88
- Elke 47226 Krefelder- 187
- Emilie 47249 Sittardsberger Allee 46
- Emmi 47226 Kiefern- 2
- Erika 47138 Tellonen- 33
- Frank 47137 Gabelsberger- 5
- Frank 47179 Am Anger 19
- Frank 47179 Theodor-Heuss- 297
- Friedrich
47259 Düsseldorfer Land- 18
- Friedrich 47269 Saarner- 75
- Gerd 47057 Fraunhofer- 64
- Gerd 47198 Wiesen- 55
Roemer Gereon
47057 Sternbuschweg 45
Römer Gerhard 47058 Duissern- 35
- Gertrud 47259 Goslaer- 55
- Gertrud 47259 Mündelheimer- 88
- Gisela 47226 Berta- 4
- Gisela 47178 Am Finkenplatz 24
- Gustav 47249 Gerber- 29
- Hans 47169 Oder- 86
- Hans 47137 Wiesen- 8a
- Hartmut
47249 Am Kirchenmathof 1a
- Heike 47139 Rolandseckplatz 3
- Heinrich 47166 Sterkrader- 95
- Heinrich 47053 Wörth- 10
- Heinz 47178 Lohhauser- 15
- Heinz 47139 Rolandseckplatz 3
- Anita-Wilhelm
47249 Düsseldorfer Land- 18
Roemer Helga 47228 Ufer- 16
- Helga 47279 Vor dem Tore 66
Roemer Hella 47167 Karl-Morian- 5
- Römer Helmut 47169 Pfälzer- 2
- Helmut 47057 Händel- 5
- Helmut 47169 Waldecker- 69
- Herbert 47137 Tuchmacher- 15
- Hermann 47137 Auf dem Damm 102
- Hermann 47279 Wedauer- 384
- Hilde 47166 August-Thyssen- 57
- Hildegard 47053 Düsseldorfer- 308
Einwohner Namen-Teil
A-DU	Firmen, Gewerbebetriebe usw. nach Namen – siehe gelber Teil
